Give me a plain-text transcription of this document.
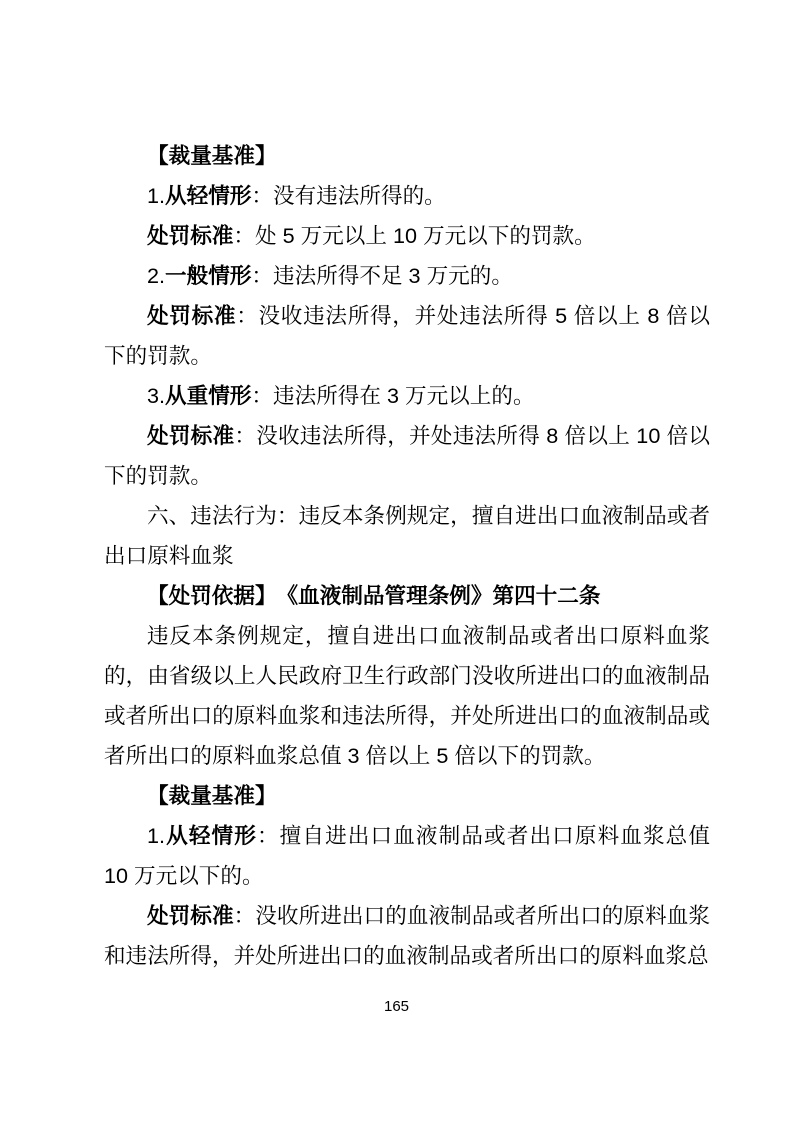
【裁量基准】

1.从轻情形：没有违法所得的。

处罚标准：处 5 万元以上 10 万元以下的罚款。

2.一般情形：违法所得不足 3 万元的。

处罚标准：没收违法所得，并处违法所得 5 倍以上 8 倍以下的罚款。

3.从重情形：违法所得在 3 万元以上的。

处罚标准：没收违法所得，并处违法所得 8 倍以上 10 倍以下的罚款。

六、违法行为：违反本条例规定，擅自进出口血液制品或者出口原料血浆

【处罚依据】　《血液制品管理条例》第四十二条

违反本条例规定，擅自进出口血液制品或者出口原料血浆的，由省级以上人民政府卫生行政部门没收所进出口的血液制品或者所出口的原料血浆和违法所得，并处所进出口的血液制品或者所出口的原料血浆总值 3 倍以上 5 倍以下的罚款。

【裁量基准】

1.从轻情形：擅自进出口血液制品或者出口原料血浆总值 10 万元以下的。

处罚标准：没收所进出口的血液制品或者所出口的原料血浆和违法所得，并处所进出口的血液制品或者所出口的原料血浆总

165
